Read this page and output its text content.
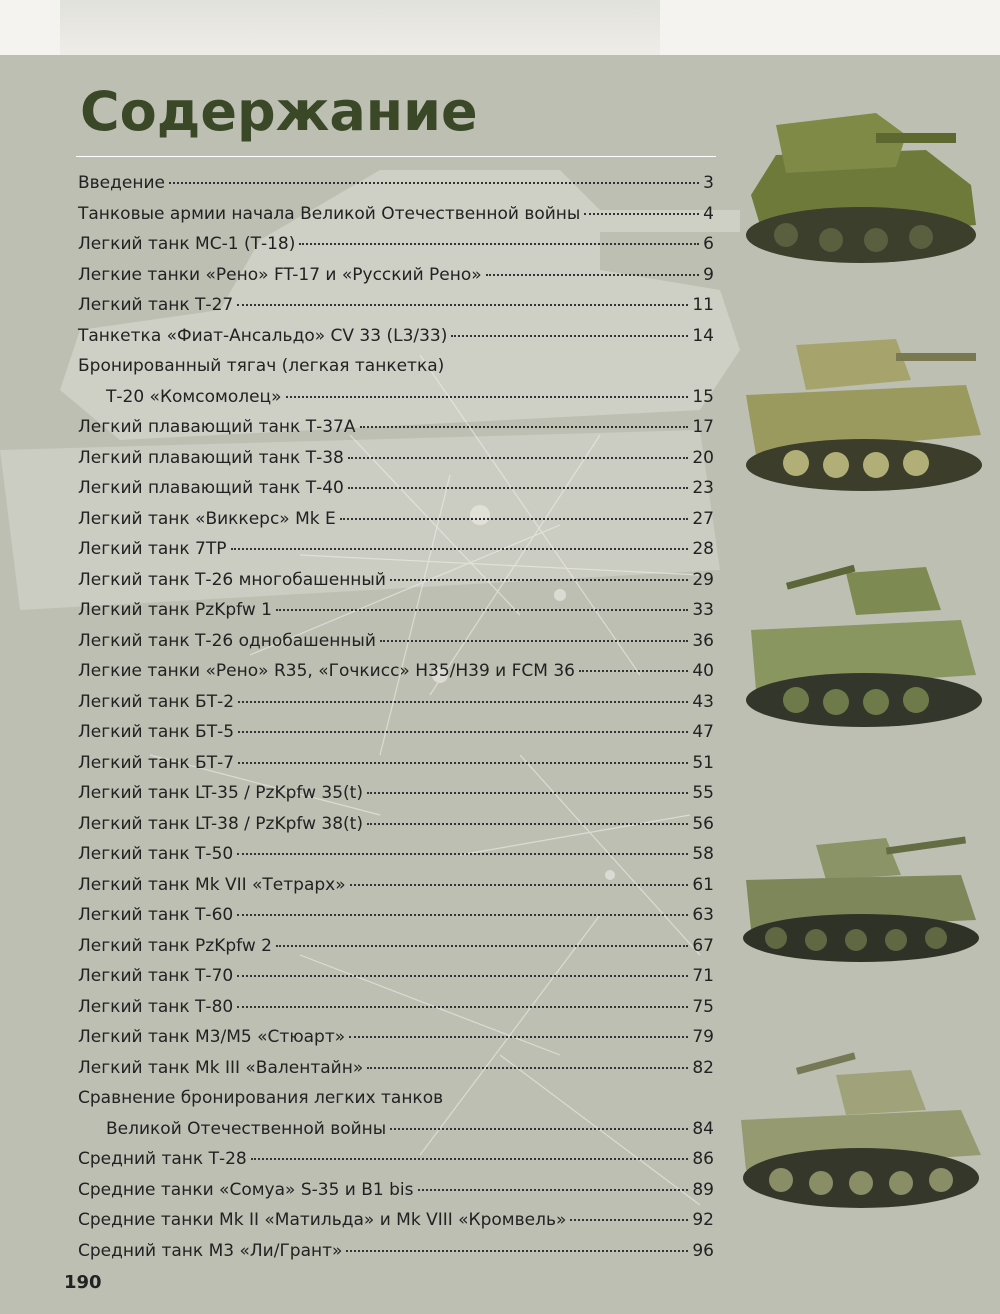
Содержание
Введение	3
Танковые армии начала Великой Отечественной войны	4
Легкий танк МС-1 (Т-18)	6
Легкие танки «Рено» FT-17 и «Русский Рено»	9
Легкий танк Т-27	11
Танкетка «Фиат-Ансальдо» CV 33 (L3/33)	14
Бронированный тягач (легкая танкетка)
Т-20 «Комсомолец»	15
Легкий плавающий танк Т-37А	17
Легкий плавающий танк Т-38	20
Легкий плавающий танк Т-40	23
Легкий танк «Виккерс» Mk E	27
Легкий танк 7TP	28
Легкий танк Т-26 многобашенный	29
Легкий танк PzKpfw 1	33
Легкий танк Т-26 однобашенный	36
Легкие танки «Рено» R35, «Гочкисс» H35/H39 и FCM 36	40
Легкий танк БТ-2	43
Легкий танк БТ-5	47
Легкий танк БТ-7	51
Легкий танк LT-35 / PzKpfw 35(t)	55
Легкий танк LT-38 / PzKpfw 38(t)	56
Легкий танк Т-50	58
Легкий танк Mk VII «Тетрарх»	61
Легкий танк Т-60	63
Легкий танк PzKpfw 2	67
Легкий танк Т-70	71
Легкий танк Т-80	75
Легкий танк М3/М5 «Стюарт»	79
Легкий танк Mk III «Валентайн»	82
Сравнение бронирования легких танков
Великой Отечественной войны	84
Средний танк Т-28	86
Средние танки «Сомуа» S-35 и B1 bis	89
Средние танки Mk II «Матильда» и Mk VIII «Кромвель»	92
Средний танк М3 «Ли/Грант»	96

190
